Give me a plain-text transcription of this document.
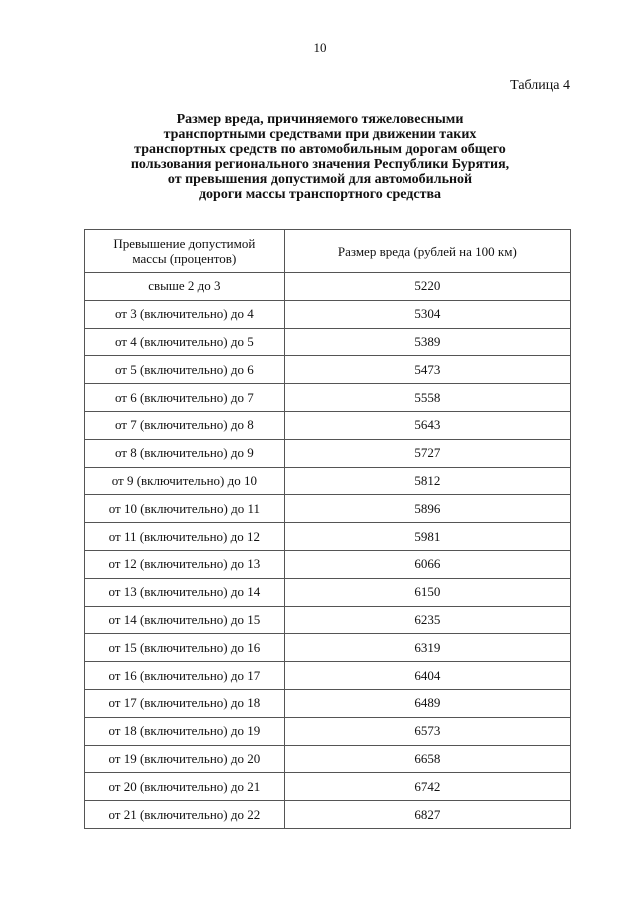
10
Таблица 4
Размер вреда, причиняемого тяжеловесными
транспортными средствами при движении таких
транспортных средств по автомобильным дорогам общего
пользования регионального значения Республики Бурятия,
от превышения допустимой для автомобильной
дороги массы транспортного средства
Превышение допустимой
массы (процентов)	Размер вреда (рублей на 100 км)
свыше 2 до 3	5220
от 3 (включительно) до 4	5304
от 4 (включительно) до 5	5389
от 5 (включительно) до 6	5473
от 6 (включительно) до 7	5558
от 7 (включительно) до 8	5643
от 8 (включительно) до 9	5727
от 9 (включительно) до 10	5812
от 10 (включительно) до 11	5896
от 11 (включительно) до 12	5981
от 12 (включительно) до 13	6066
от 13 (включительно) до 14	6150
от 14 (включительно) до 15	6235
от 15 (включительно) до 16	6319
от 16 (включительно) до 17	6404
от 17 (включительно) до 18	6489
от 18 (включительно) до 19	6573
от 19 (включительно) до 20	6658
от 20 (включительно) до 21	6742
от 21 (включительно) до 22	6827
